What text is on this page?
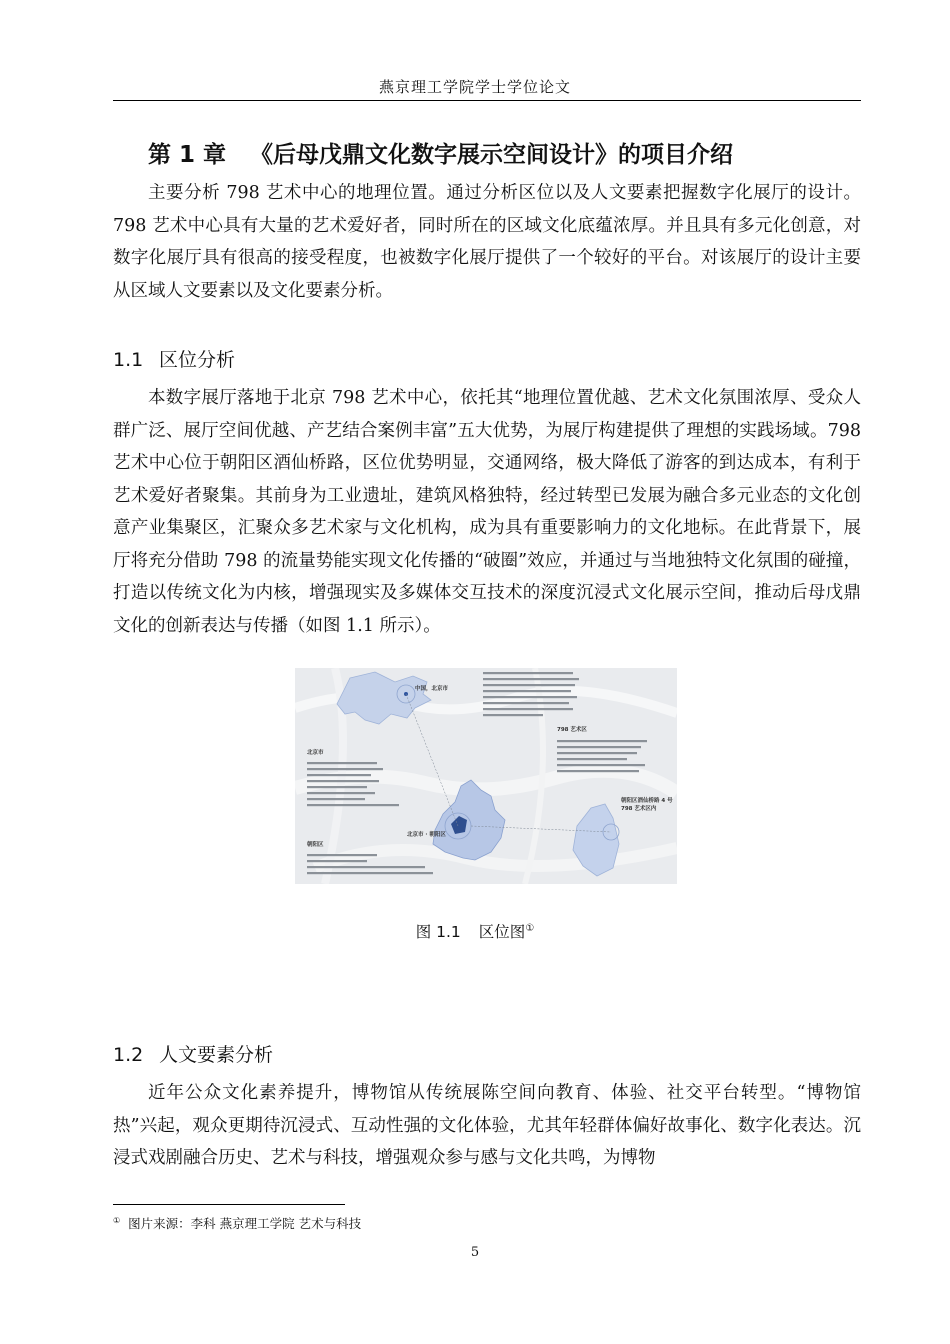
燕京理工学院学士学位论文
第 1 章 《后母戊鼎文化数字展示空间设计》的项目介绍

主要分析 798 艺术中心的地理位置。通过分析区位以及人文要素把握数字化展厅的设计。798 艺术中心具有大量的艺术爱好者，同时所在的区域文化底蕴浓厚。并且具有多元化创意，对数字化展厅具有很高的接受程度，也被数字化展厅提供了一个较好的平台。对该展厅的设计主要从区域人文要素以及文化要素分析。

1.1 区位分析

本数字展厅落地于北京 798 艺术中心，依托其“地理位置优越、艺术文化氛围浓厚、受众人群广泛、展厅空间优越、产艺结合案例丰富”五大优势，为展厅构建提供了理想的实践场域。798 艺术中心位于朝阳区酒仙桥路，区位优势明显，交通网络，极大降低了游客的到达成本，有利于艺术爱好者聚集。其前身为工业遗址，建筑风格独特，经过转型已发展为融合多元业态的文化创意产业集聚区，汇聚众多艺术家与文化机构，成为具有重要影响力的文化地标。在此背景下，展厅将充分借助 798 的流量势能实现文化传播的“破圈”效应，并通过与当地独特文化氛围的碰撞，打造以传统文化为内核，增强现实及多媒体交互技术的深度沉浸式文化展示空间，推动后母戊鼎文化的创新表达与传播（如图 1.1 所示）。

中国，北京市
北京市 · 朝阳区
798 艺术区
朝阳区酒仙桥路 4 号
798 艺术区内
北京市
朝阳区
图 1.1 区位图①
1.2 人文要素分析

近年公众文化素养提升，博物馆从传统展陈空间向教育、体验、社交平台转型。“博物馆热”兴起，观众更期待沉浸式、互动性强的文化体验，尤其年轻群体偏好故事化、数字化表达。沉浸式戏剧融合历史、艺术与科技，增强观众参与感与文化共鸣，为博物

① 图片来源：李科 燕京理工学院 艺术与科技
5
